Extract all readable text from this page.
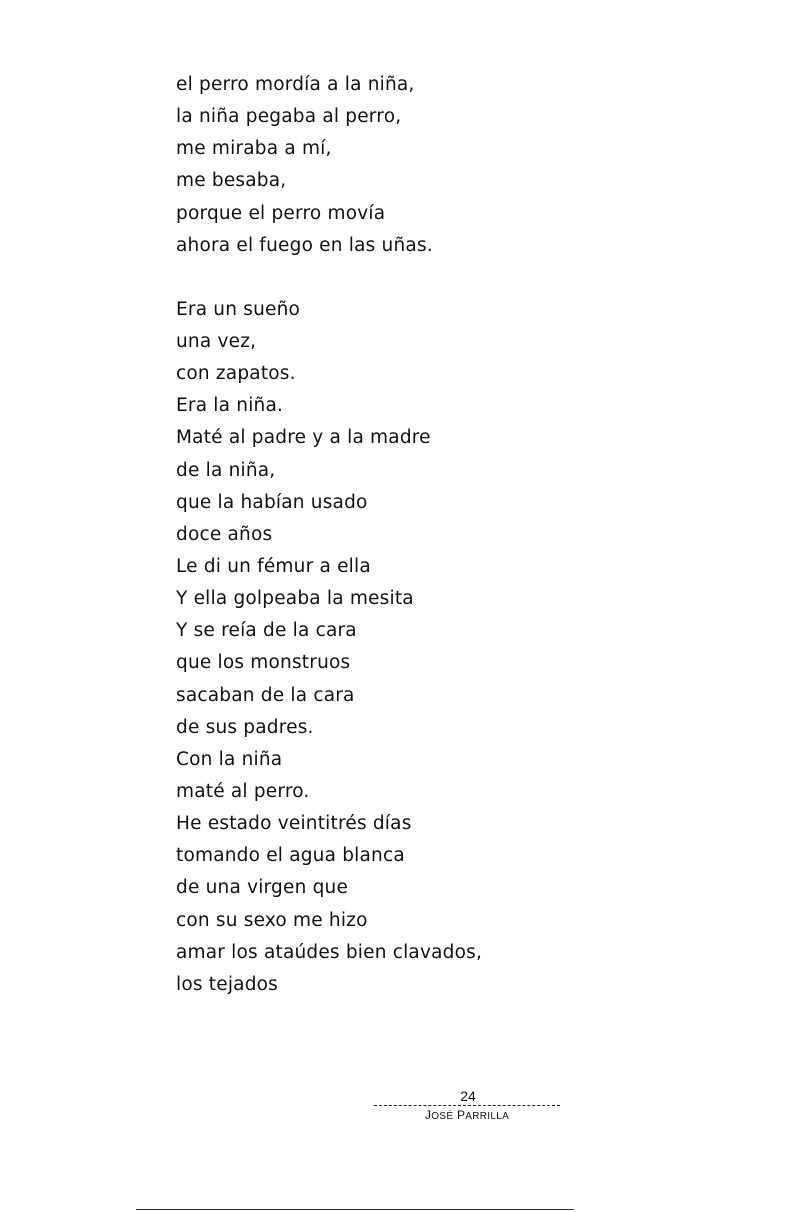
el perro mordía a la niña,
la niña pegaba al perro,
me miraba a mí,
me besaba,
porque el perro movía
ahora el fuego en las uñas.
Era un sueño
una vez,
con zapatos.
Era la niña.
Maté al padre y a la madre
de la niña,
que la habían usado
doce años
Le di un fémur a ella
Y ella golpeaba la mesita
Y se reía de la cara
que los monstruos
sacaban de la cara
de sus padres.
Con la niña
maté al perro.
He estado veintitrés días
tomando el agua blanca
de una virgen que
con su sexo me hizo
amar los ataúdes bien clavados,
los tejados
24
JOSÉ PARRILLA
